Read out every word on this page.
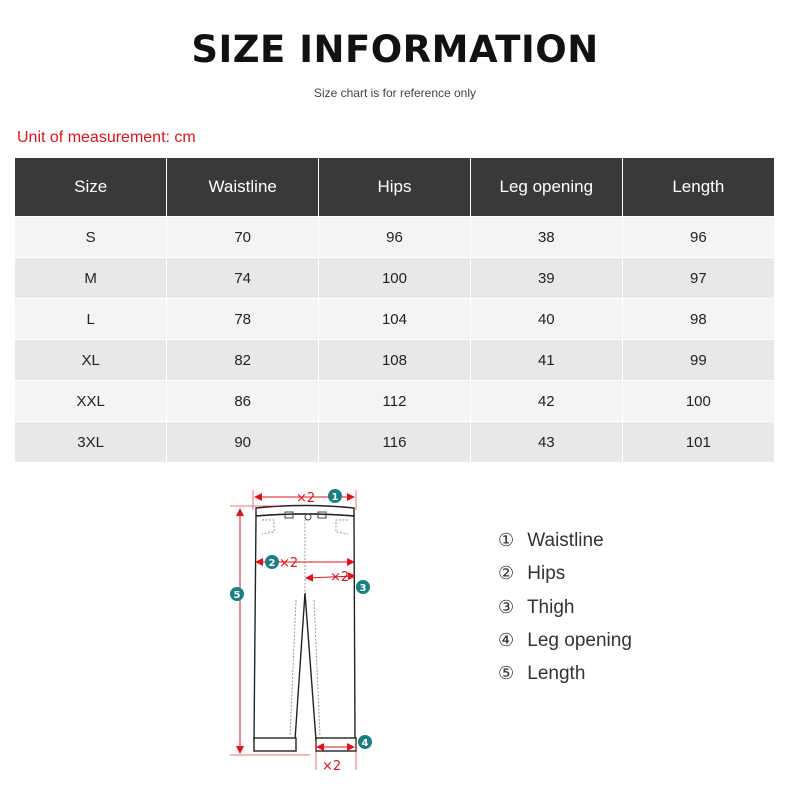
SIZE INFORMATION
Size chart is for reference only
Unit of measurement: cm
Size	Waistline	Hips	Leg opening	Length
S	70	96	38	96
M	74	100	39	97
L	78	104	40	98
XL	82	108	41	99
XXL	86	112	42	100
3XL	90	116	43	101
×2
×2
×2
×2
1
2
3
4
5
① Waistline
② Hips
③ Thigh
④ Leg opening
⑤ Length
